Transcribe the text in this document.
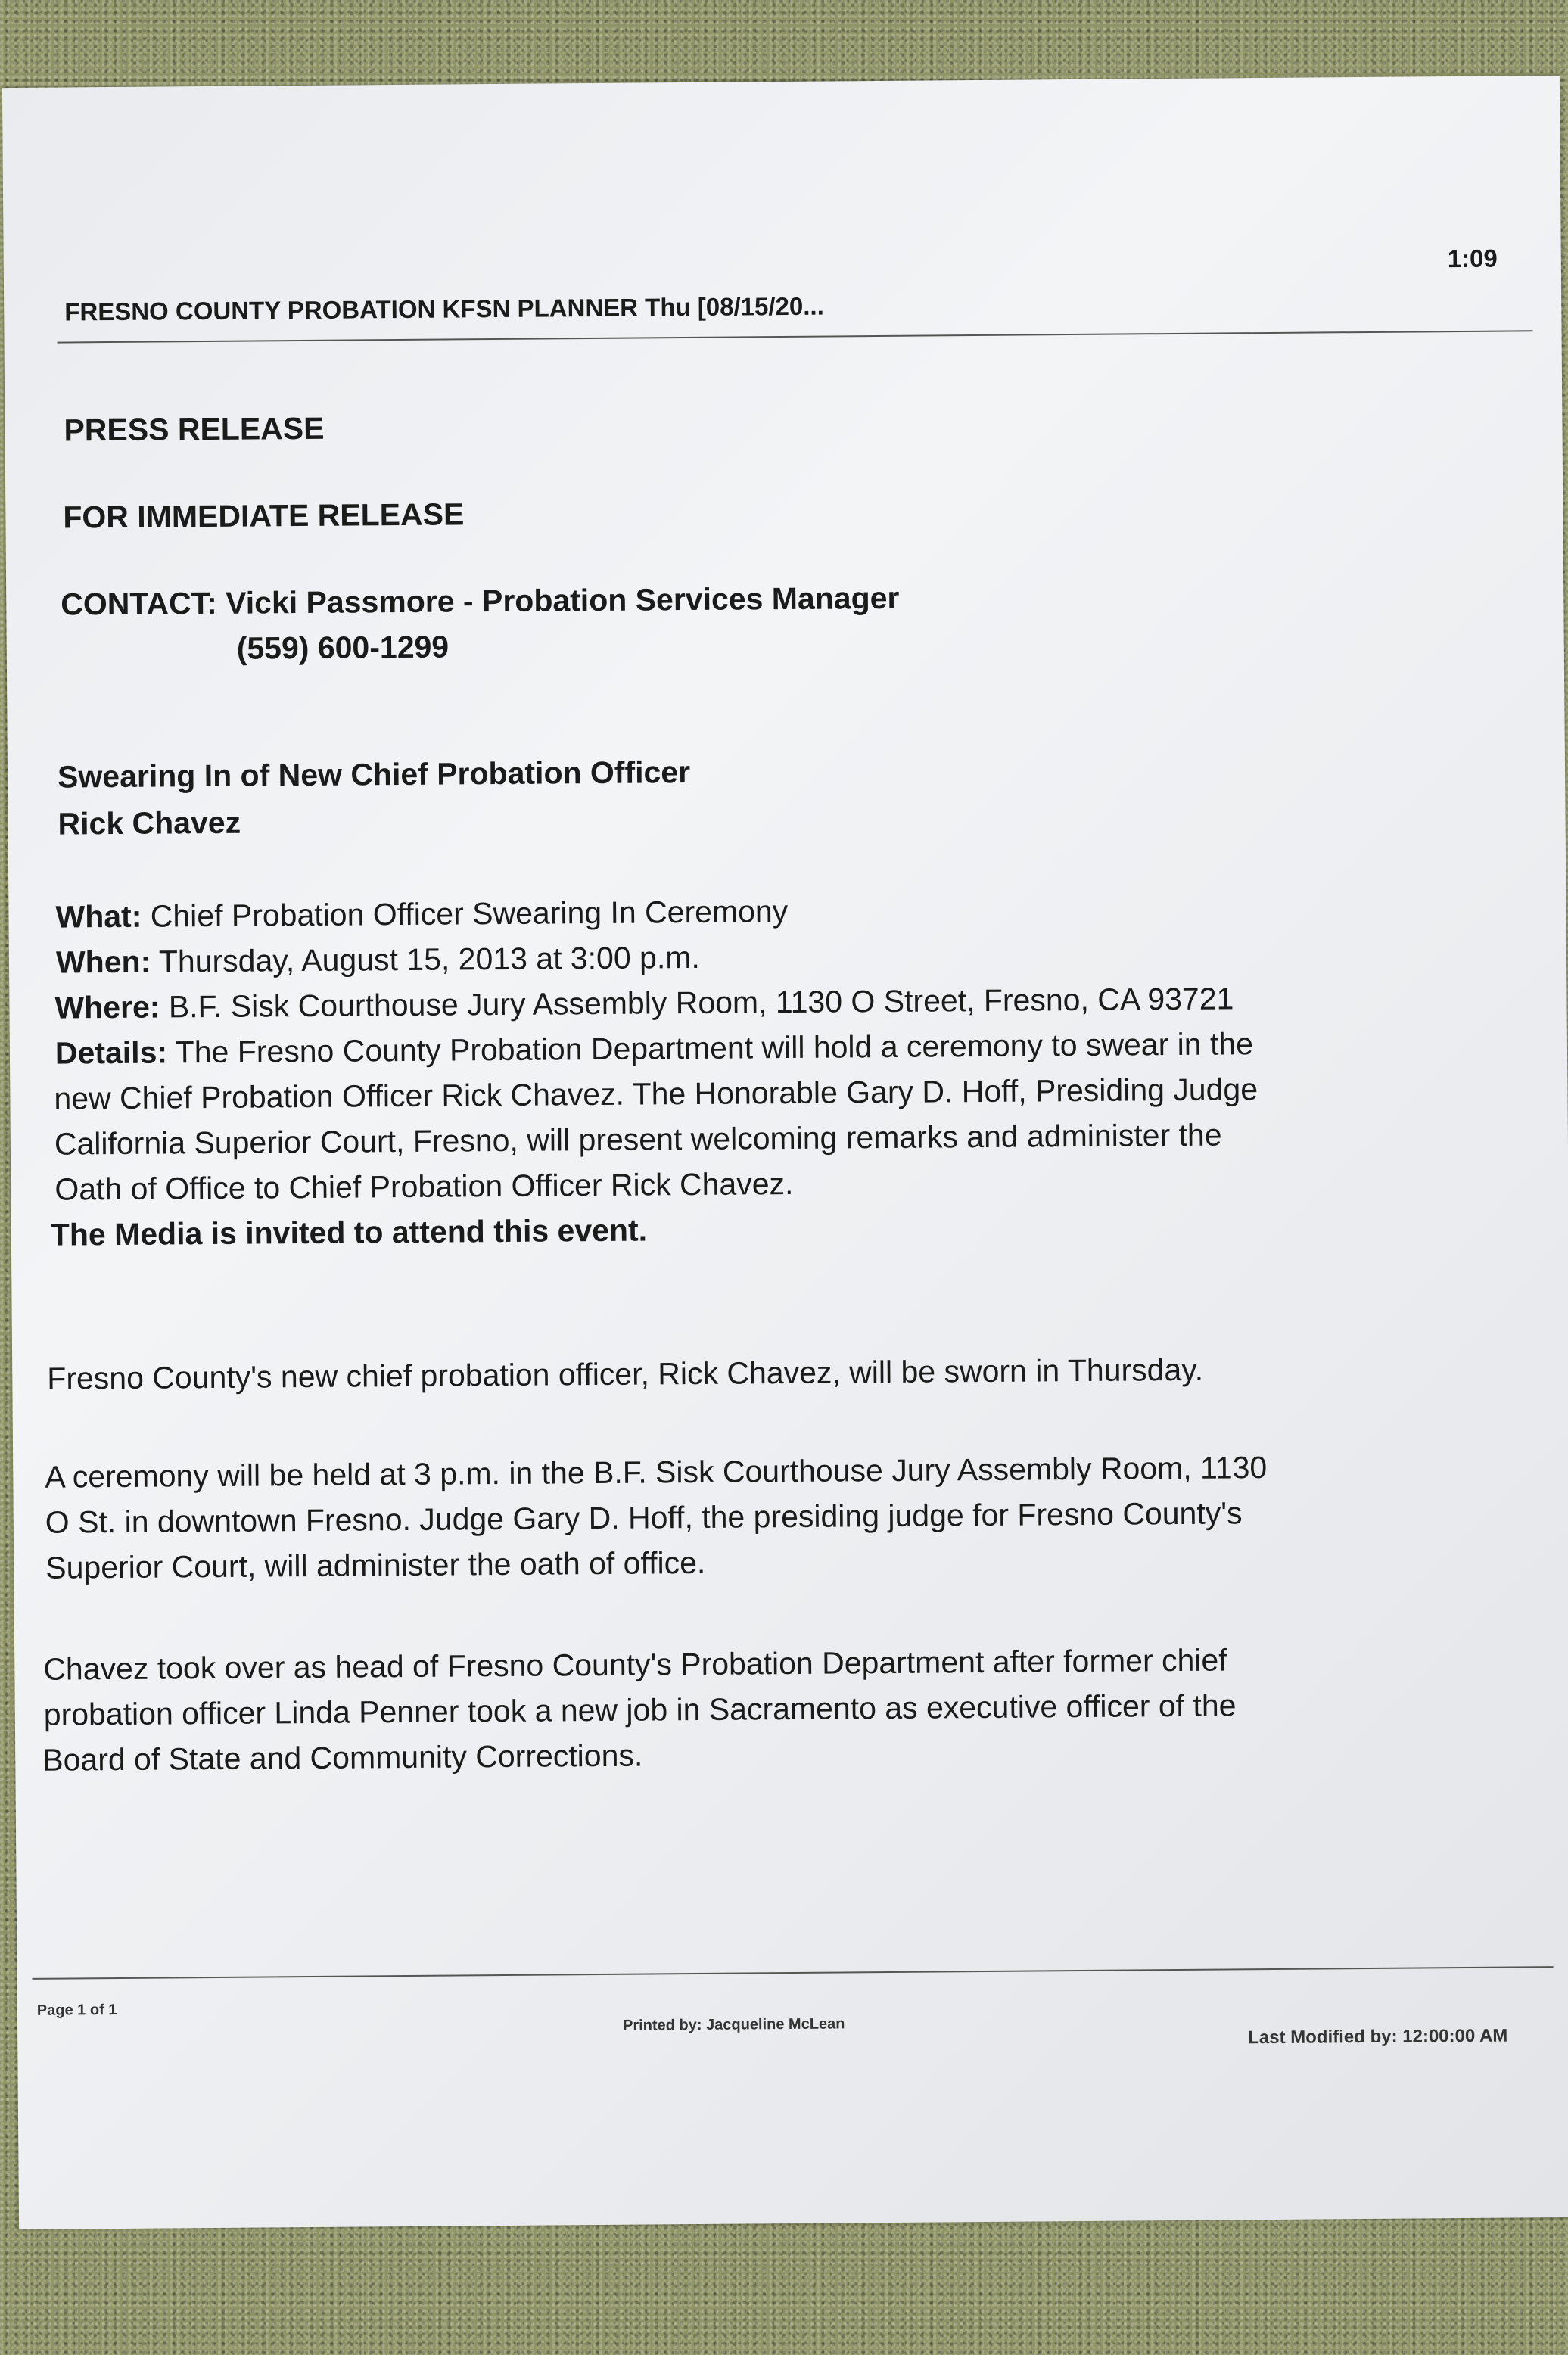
FRESNO COUNTY PROBATION KFSN PLANNER Thu [08/15/20...
1:09
PRESS RELEASE
FOR IMMEDIATE RELEASE
CONTACT: Vicki Passmore - Probation Services Manager
(559) 600-1299
Swearing In of New Chief Probation Officer
Rick Chavez
What: Chief Probation Officer Swearing In Ceremony
When: Thursday, August 15, 2013 at 3:00 p.m.
Where: B.F. Sisk Courthouse Jury Assembly Room, 1130 O Street, Fresno, CA 93721
Details: The Fresno County Probation Department will hold a ceremony to swear in the
new Chief Probation Officer Rick Chavez. The Honorable Gary D. Hoff, Presiding Judge
California Superior Court, Fresno, will present welcoming remarks and administer the
Oath of Office to Chief Probation Officer Rick Chavez.
The Media is invited to attend this event.
Fresno County's new chief probation officer, Rick Chavez, will be sworn in Thursday.
A ceremony will be held at 3 p.m. in the B.F. Sisk Courthouse Jury Assembly Room, 1130
O St. in downtown Fresno. Judge Gary D. Hoff, the presiding judge for Fresno County's
Superior Court, will administer the oath of office.
Chavez took over as head of Fresno County's Probation Department after former chief
probation officer Linda Penner took a new job in Sacramento as executive officer of the
Board of State and Community Corrections.
Page 1 of 1
Printed by: Jacqueline McLean
Last Modified by: 12:00:00 AM
